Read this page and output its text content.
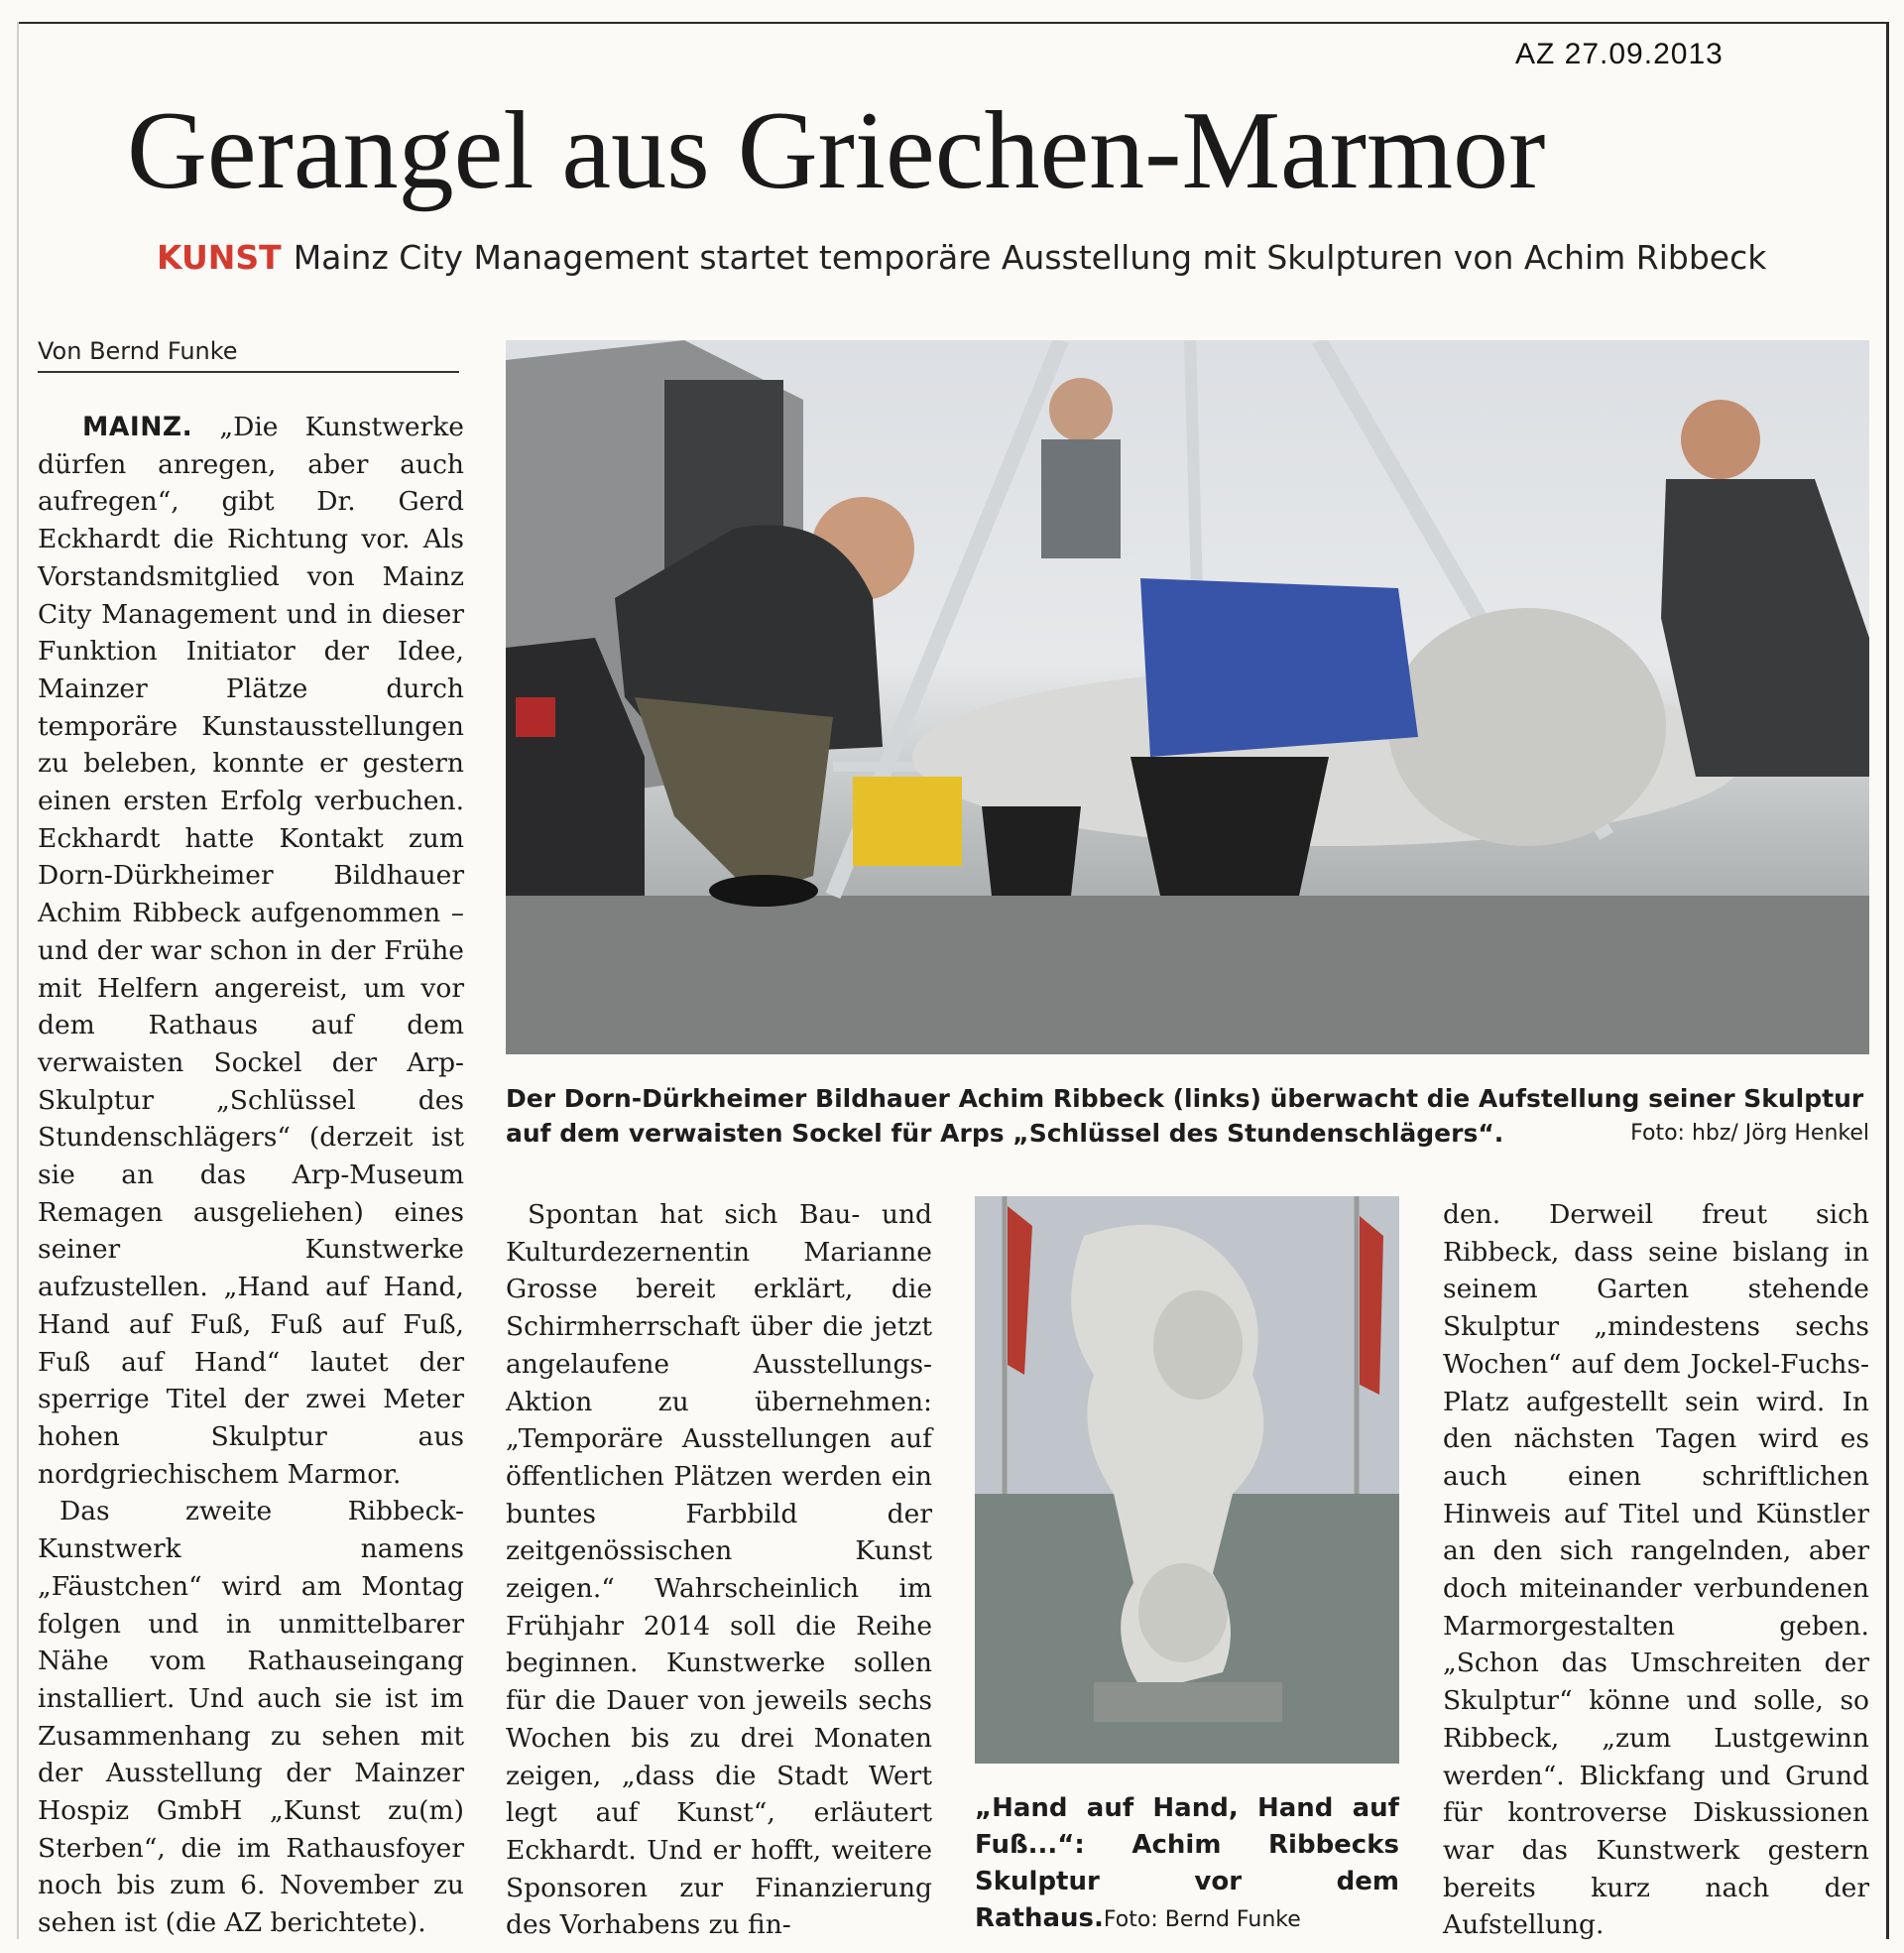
AZ 27.09.2013
Gerangel aus Griechen-Marmor
KUNST Mainz City Management startet temporäre Ausstellung mit Skulpturen von Achim Ribbeck
Von Bernd Funke

MAINZ. „Die Kunstwerke dürfen anregen, aber auch aufregen“, gibt Dr. Gerd Eckhardt die Richtung vor. Als Vorstandsmitglied von Mainz City Management und in dieser Funktion Initiator der Idee, Mainzer Plätze durch temporäre Kunstausstellungen zu beleben, konnte er gestern einen ersten Erfolg verbuchen. Eckhardt hatte Kontakt zum Dorn-Dürkheimer Bildhauer Achim Ribbeck aufgenommen – und der war schon in der Frühe mit Helfern angereist, um vor dem Rathaus auf dem verwaisten Sockel der Arp-Skulptur „Schlüssel des Stundenschlägers“ (derzeit ist sie an das Arp-Museum Remagen ausgeliehen) eines seiner Kunstwerke aufzustellen. „Hand auf Hand, Hand auf Fuß, Fuß auf Fuß, Fuß auf Hand“ lautet der sperrige Titel der zwei Meter hohen Skulptur aus nordgriechischem Marmor.

Das zweite Ribbeck-Kunstwerk namens „Fäustchen“ wird am Montag folgen und in unmittelbarer Nähe vom Rathauseingang installiert. Und auch sie ist im Zusammenhang zu sehen mit der Ausstellung der Mainzer Hospiz GmbH „Kunst zu(m) Sterben“, die im Rathausfoyer noch bis zum 6. November zu sehen ist (die AZ berichtete).

Der Dorn-Dürkheimer Bildhauer Achim Ribbeck (links) überwacht die Aufstellung seiner Skulptur auf dem verwaisten Sockel für Arps „Schlüssel des Stundenschlägers“.	Foto: hbz/ Jörg Henkel

Spontan hat sich Bau- und Kulturdezernentin Marianne Grosse bereit erklärt, die Schirmherrschaft über die jetzt angelaufene Ausstellungs-Aktion zu übernehmen: „Temporäre Ausstellungen auf öffentlichen Plätzen werden ein buntes Farbbild der zeitgenössischen Kunst zeigen.“ Wahrscheinlich im Frühjahr 2014 soll die Reihe beginnen. Kunstwerke sollen für die Dauer von jeweils sechs Wochen bis zu drei Monaten zeigen, „dass die Stadt Wert legt auf Kunst“, erläutert Eckhardt. Und er hofft, weitere Sponsoren zur Finanzierung des Vorhabens zu fin-

„Hand auf Hand, Hand auf Fuß...“: Achim Ribbecks Skulptur vor dem Rathaus.Foto: Bernd Funke

den. Derweil freut sich Ribbeck, dass seine bislang in seinem Garten stehende Skulptur „mindestens sechs Wochen“ auf dem Jockel-Fuchs-Platz aufgestellt sein wird. In den nächsten Tagen wird es auch einen schriftlichen Hinweis auf Titel und Künstler an den sich rangelnden, aber doch miteinander verbundenen Marmorgestalten geben. „Schon das Umschreiten der Skulptur“ könne und solle, so Ribbeck, „zum Lustgewinn werden“. Blickfang und Grund für kontroverse Diskussionen war das Kunstwerk gestern bereits kurz nach der Aufstellung.
